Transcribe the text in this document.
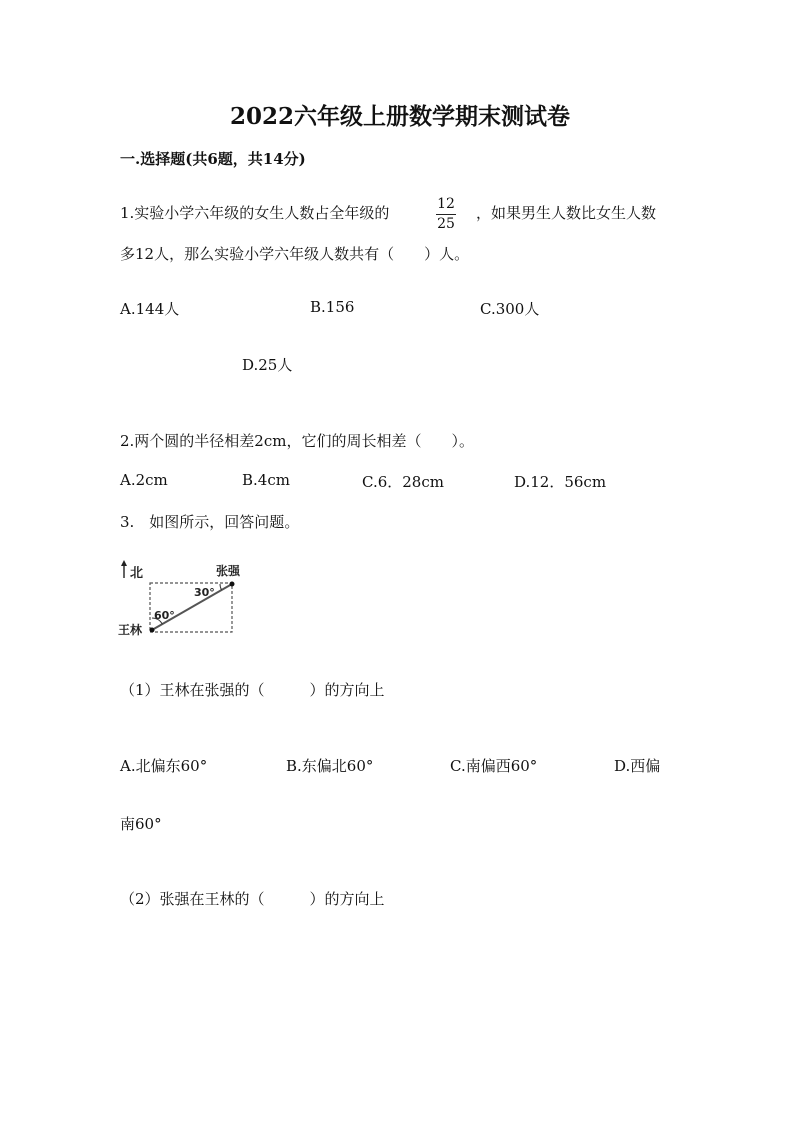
2022六年级上册数学期末测试卷
一.选择题(共6题，共14分)
1.实验小学六年级的女生人数占全年级的	12
25
，如果男生人数比女生人数
多12人，那么实验小学六年级人数共有（　　）人。
A.144人	B.156	C.300人
D.25人
2.两个圆的半径相差2cm，它们的周长相差（　　）。
A.2cm	B.4cm	C.6．28cm	D.12．56cm
3.　如图所示，回答问题。
北	张强
王林
30°
60°
（1）王林在张强的（　　　）的方向上
A.北偏东60°	B.东偏北60°	C.南偏西60°	D.西偏
南60°
（2）张强在王林的（　　　）的方向上
